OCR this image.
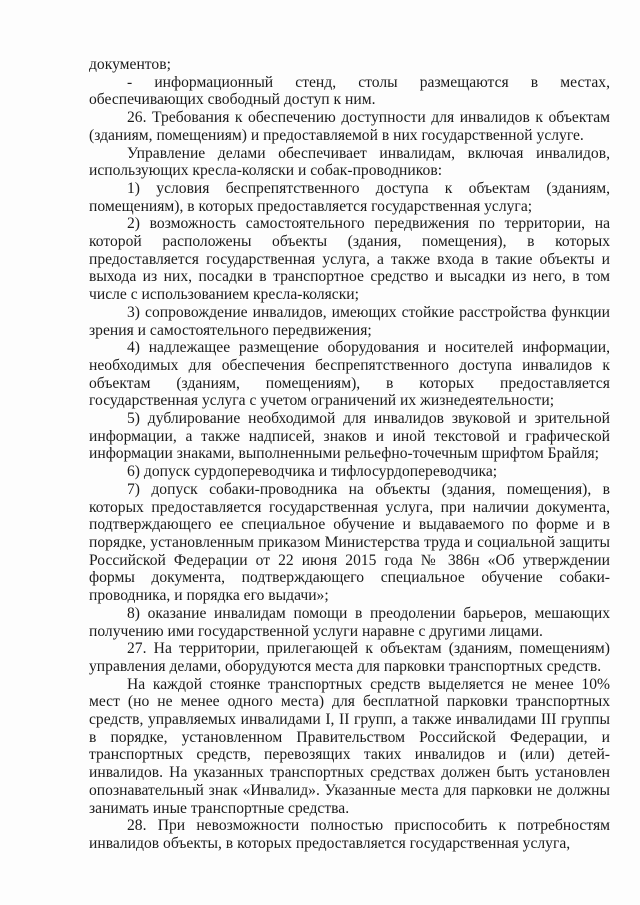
документов;

- информационный стенд, столы размещаются в местах, обеспечивающих свободный доступ к ним.

26. Требования к обеспечению доступности для инвалидов к объектам (зданиям, помещениям) и предоставляемой в них государственной услуге.

Управление делами обеспечивает инвалидам, включая инвалидов, использующих кресла-коляски и собак-проводников:

1) условия беспрепятственного доступа к объектам (зданиям, помещениям), в которых предоставляется государственная услуга;

2) возможность самостоятельного передвижения по территории, на которой расположены объекты (здания, помещения), в которых предоставляется государственная услуга, а также входа в такие объекты и выхода из них, посадки в транспортное средство и высадки из него, в том числе с использованием кресла-коляски;

3) сопровождение инвалидов, имеющих стойкие расстройства функции зрения и самостоятельного передвижения;

4) надлежащее размещение оборудования и носителей информации, необходимых для обеспечения беспрепятственного доступа инвалидов к объектам (зданиям, помещениям), в которых предоставляется государственная услуга с учетом ограничений их жизнедеятельности;

5) дублирование необходимой для инвалидов звуковой и зрительной информации, а также надписей, знаков и иной текстовой и графической информации знаками, выполненными рельефно-точечным шрифтом Брайля;

6) допуск сурдопереводчика и тифлосурдопереводчика;

7) допуск собаки-проводника на объекты (здания, помещения), в которых предоставляется государственная услуга, при наличии документа, подтверждающего ее специальное обучение и выдаваемого по форме и в порядке, установленным приказом Министерства труда и социальной защиты Российской Федерации от 22 июня 2015 года № 386н «Об утверждении формы документа, подтверждающего специальное обучение собаки-проводника, и порядка его выдачи»;

8) оказание инвалидам помощи в преодолении барьеров, мешающих получению ими государственной услуги наравне с другими лицами.

27. На территории, прилегающей к объектам (зданиям, помещениям) управления делами, оборудуются места для парковки транспортных средств.

На каждой стоянке транспортных средств выделяется не менее 10% мест (но не менее одного места) для бесплатной парковки транспортных средств, управляемых инвалидами I, II групп, а также инвалидами III группы в порядке, установленном Правительством Российской Федерации, и транспортных средств, перевозящих таких инвалидов и (или) детей-инвалидов. На указанных транспортных средствах должен быть установлен опознавательный знак «Инвалид». Указанные места для парковки не должны занимать иные транспортные средства.

28. При невозможности полностью приспособить к потребностям инвалидов объекты, в которых предоставляется государственная услуга,
